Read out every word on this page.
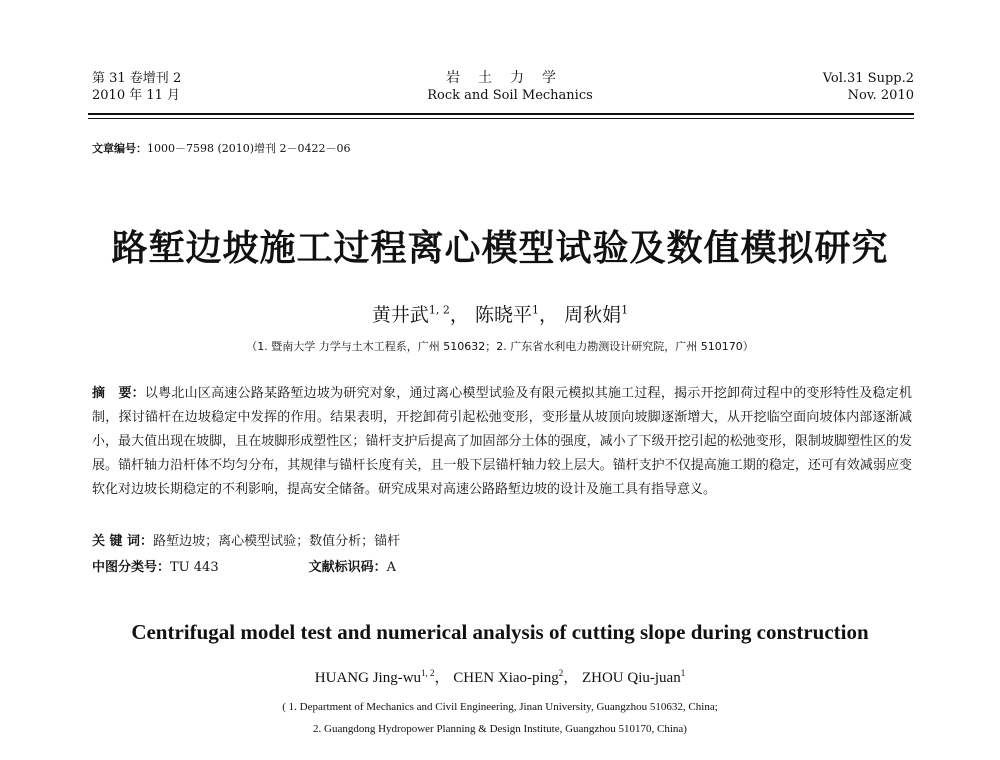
第 31 卷增刊 2
2010 年 11 月
岩土力学
Rock and Soil Mechanics
Vol.31 Supp.2
Nov. 2010
文章编号：1000－7598 (2010)增刊 2－0422－06
路堑边坡施工过程离心模型试验及数值模拟研究
黄井武$^{1, 2}$， 陈晓平$^1$， 周秋娟$^1$
（1. 暨南大学 力学与土木工程系，广州 510632；2. 广东省水利电力勘测设计研究院，广州 510170）
摘　要：以粤北山区高速公路某路堑边坡为研究对象，通过离心模型试验及有限元模拟其施工过程，揭示开挖卸荷过程中的变形特性及稳定机制，探讨锚杆在边坡稳定中发挥的作用。结果表明，开挖卸荷引起松弛变形，变形量从坡顶向坡脚逐渐增大，从开挖临空面向坡体内部逐渐减小，最大值出现在坡脚，且在坡脚形成塑性区；锚杆支护后提高了加固部分土体的强度，减小了下级开挖引起的松弛变形，限制坡脚塑性区的发展。锚杆轴力沿杆体不均匀分布，其规律与锚杆长度有关，且一般下层锚杆轴力较上层大。锚杆支护不仅提高施工期的稳定，还可有效减弱应变软化对边坡长期稳定的不利影响，提高安全储备。研究成果对高速公路路堑边坡的设计及施工具有指导意义。
关 键 词：路堑边坡；离心模型试验；数值分析；锚杆
中图分类号：TU 443	文献标识码：A
Centrifugal model test and numerical analysis of cutting slope during construction
HUANG Jing-wu$^{1, 2}$， CHEN Xiao-ping$^2$， ZHOU Qiu-juan$^1$
( 1. Department of Mechanics and Civil Engineering, Jinan University, Guangzhou 510632, China;
2. Guangdong Hydropower Planning & Design Institute, Guangzhou 510170, China)
